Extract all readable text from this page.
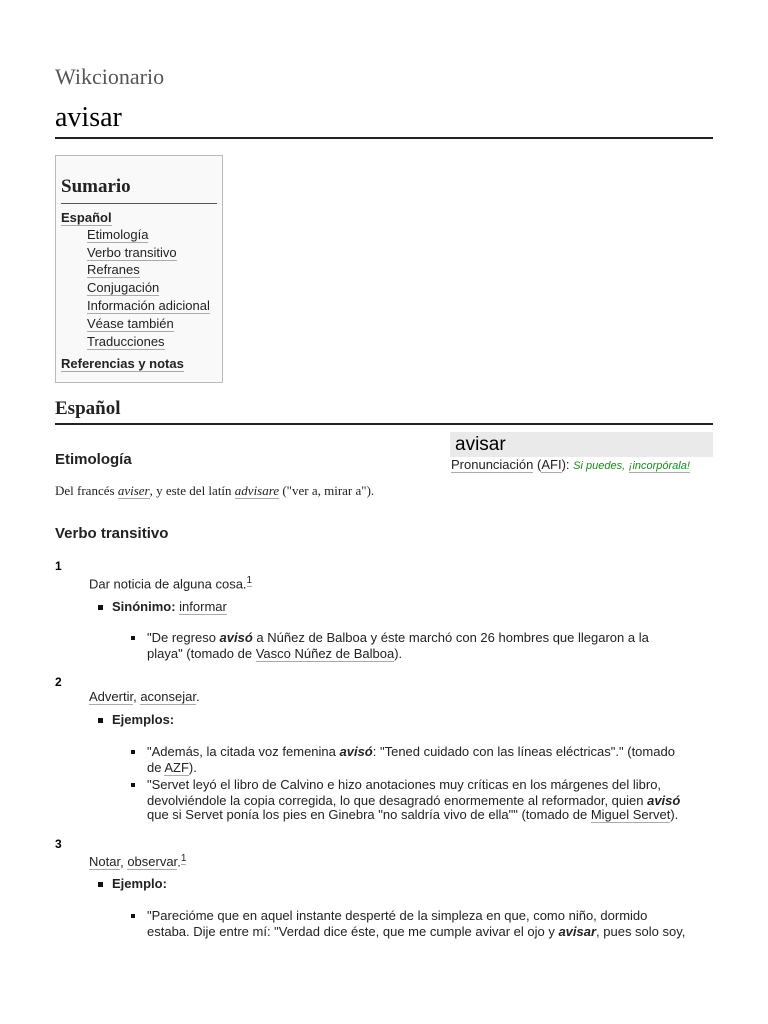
Wikcionario
avisar
Sumario
Español
Etimología
Verbo transitivo
Refranes
Conjugación
Información adicional
Véase también
Traducciones
Referencias y notas
Español
avisar
Pronunciación (AFI): Si puedes, ¡incorpórala!
Etimología
Del francés aviser, y este del latín advisare ("ver a, mirar a").
Verbo transitivo
1
Dar noticia de alguna cosa.$^1$
Sinónimo: informar
"De regreso avisó a Núñez de Balboa y éste marchó con 26 hombres que llegaron a la
playa" (tomado de Vasco Núñez de Balboa).
2
Advertir, aconsejar.
Ejemplos:
"Además, la citada voz femenina avisó: "Tened cuidado con las líneas eléctricas"." (tomado
de AZF).
"Servet leyó el libro de Calvino e hizo anotaciones muy críticas en los márgenes del libro,
devolviéndole la copia corregida, lo que desagradó enormemente al reformador, quien avisó
que si Servet ponía los pies en Ginebra "no saldría vivo de ella"" (tomado de Miguel Servet).
3
Notar, observar.$^1$
Ejemplo:
"Parecióme que en aquel instante desperté de la simpleza en que, como niño, dormido
estaba. Dije entre mí: "Verdad dice éste, que me cumple avivar el ojo y avisar, pues solo soy,
